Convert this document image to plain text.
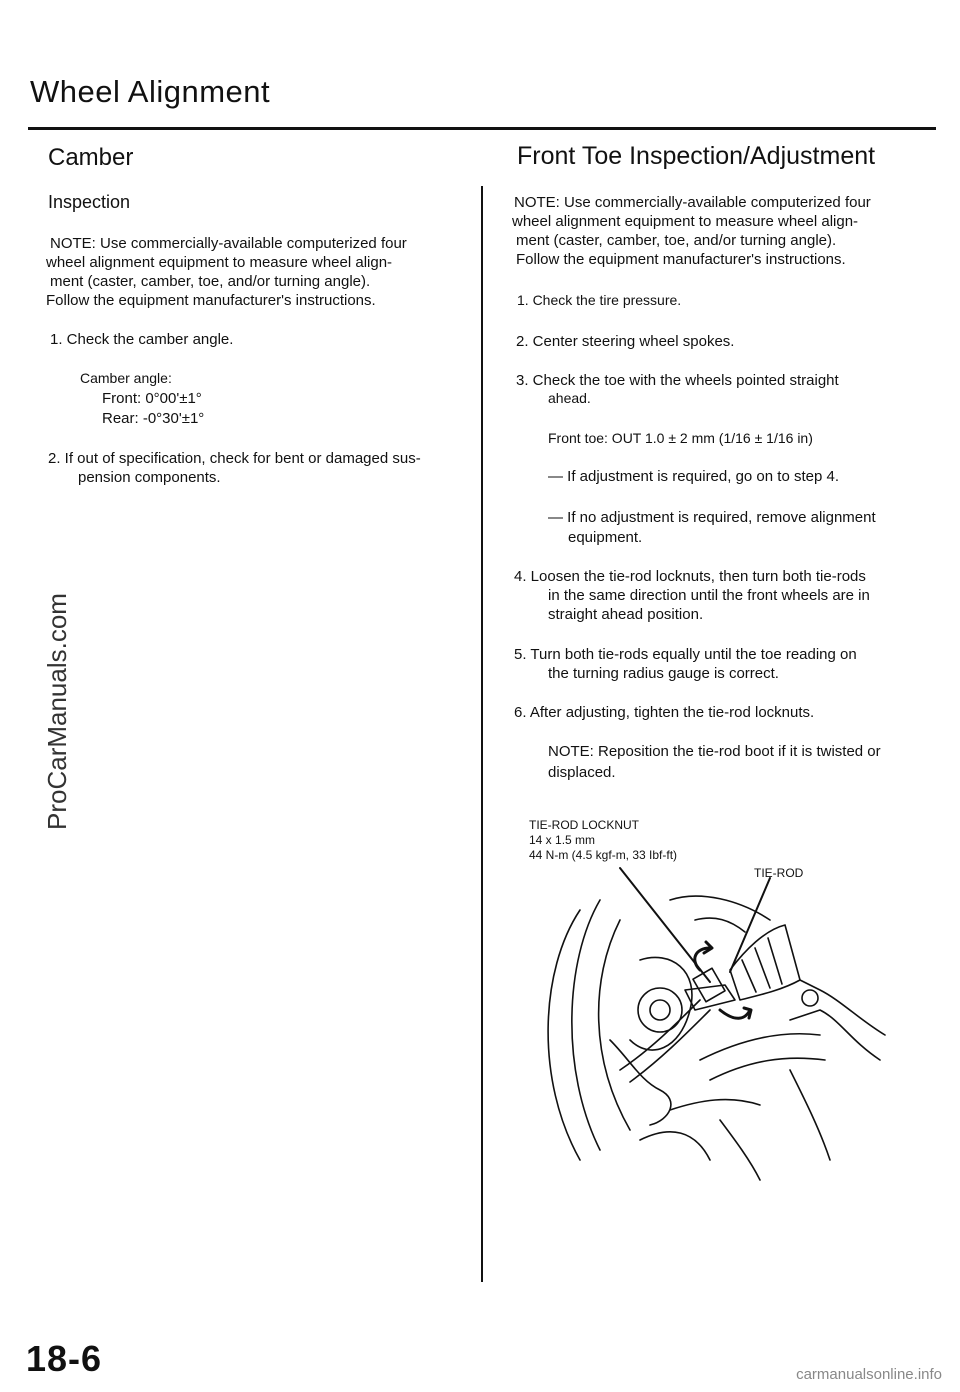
Wheel Alignment
Camber
Inspection
NOTE: Use commercially-available computerized four
wheel alignment equipment to measure wheel align-
ment (caster, camber, toe, and/or turning angle).
Follow the equipment manufacturer's instructions.
1. Check the camber angle.
Camber angle:
Front: 0°00'±1°
Rear: -0°30'±1°
2. If out of specification, check for bent or damaged sus-
pension components.
Front Toe Inspection/Adjustment
NOTE: Use commercially-available computerized four
wheel alignment equipment to measure wheel align-
ment (caster, camber, toe, and/or turning angle).
Follow the equipment manufacturer's instructions.
1. Check the tire pressure.
2. Center steering wheel spokes.
3. Check the toe with the wheels pointed straight
ahead.
Front toe: OUT 1.0 ± 2 mm (1/16 ± 1/16 in)
— If adjustment is required, go on to step 4.
— If no adjustment is required, remove alignment
equipment.
4. Loosen the tie-rod locknuts, then turn both tie-rods
in the same direction until the front wheels are in
straight ahead position.
5. Turn both tie-rods equally until the toe reading on
the turning radius gauge is correct.
6. After adjusting, tighten the tie-rod locknuts.
NOTE: Reposition the tie-rod boot if it is twisted or
displaced.
TIE-ROD LOCKNUT
14 x 1.5 mm
44 N-m (4.5 kgf-m, 33 Ibf-ft)
TIE-ROD
ProCarManuals.com
18-6	carmanualsonline.info
